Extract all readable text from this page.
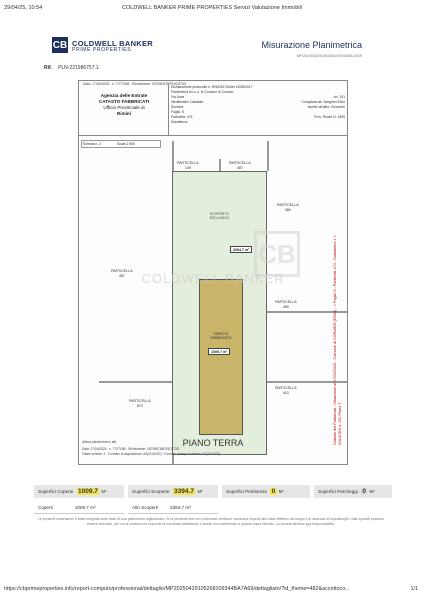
29/04/25, 10:54	COLDWELL BANKER PRIME PROPERTIES Servizi Valutazione Immobili
CB COLDWELL BANKER
PRIME PROPERTIES	Misurazione Planimetrica
MP20250429105268109344BA7A69
Rif. PLN-221986757.1
Data: 17/04/2025 - n. T377058 - Richiedente: ZNTMNT85P19C573O
Agenzia delle Entrate
CATASTO FABBRICATI
Ufficio Provinciale di
Rimini
Dichiarazione protocollo n. RN0042740del 13/08/2017
Planimetria di u.i.u. in Comune di Coriano
Via Acea	civ. 191
Identificativi Catastali:	Compilata da: Zangheri Elvio
Sezione:	Iscritto all'albo: Geometri
Foglio: 5
Particella: 474	Prov. Rimini N. 1659
Subalterno:
Scheda n. 2	Scala 1:500
PARTICELLA
149
PARTICELLA
487
PARTICELLA
380
PARTICELLA
487
PARTICELLA
489
PARTICELLA
410
PARTICELLA
873
SCOPERTO
ESCLUSIVO
3394.7 m²
EDIFICIO
FABBRICATO
1009.7 m²
CB
COLDWELL BANKER
PIANO TERRA
Ultima planimetria in atti
Data: 17/04/2025 - n. T377058 - Richiedente: ZNTMNT85P19C573O
Totale schede: 2 - Formato di acquisizione: A4(210x297) - Formato stampa richiesto: A4(210x297)
Catasto dei Fabbricati - Situazione al 17/04/2025 - Comune di CORIANO (D004) - < Foglio 5 - Particella 474 - Subalterno 1 > VIA ACEA n. 191 Piano T
Superfici Coperte 1009.7 M²	Superfici Scoperte 3394.7 M²	Superfici Pertinenze 0 M²	Superfici Parcheggi 0 M²
Coperti	1009.7 m²	Altri Scoperti	3394.7 m²
Le presenti misurazioni è stata eseguita sulle base di una planimetria digitalizzata. Si fa presente che non potendosi verificare variazioni rispetto allo stato effettivo dei luoghi e in assenza di sopralluoghi i dati riportati possono essere indicativi, per cui la società non risponde di eventuali inesattezze e scelte non confermate a quanto sopra rilevato. La società declina ogni responsabilità.
https://cbprimeproperties.info/report-computo/professional/dettaglio/MP20250429105268109344BA7A69/dettagliato/?id_theme=482&accettoco...	1/1
